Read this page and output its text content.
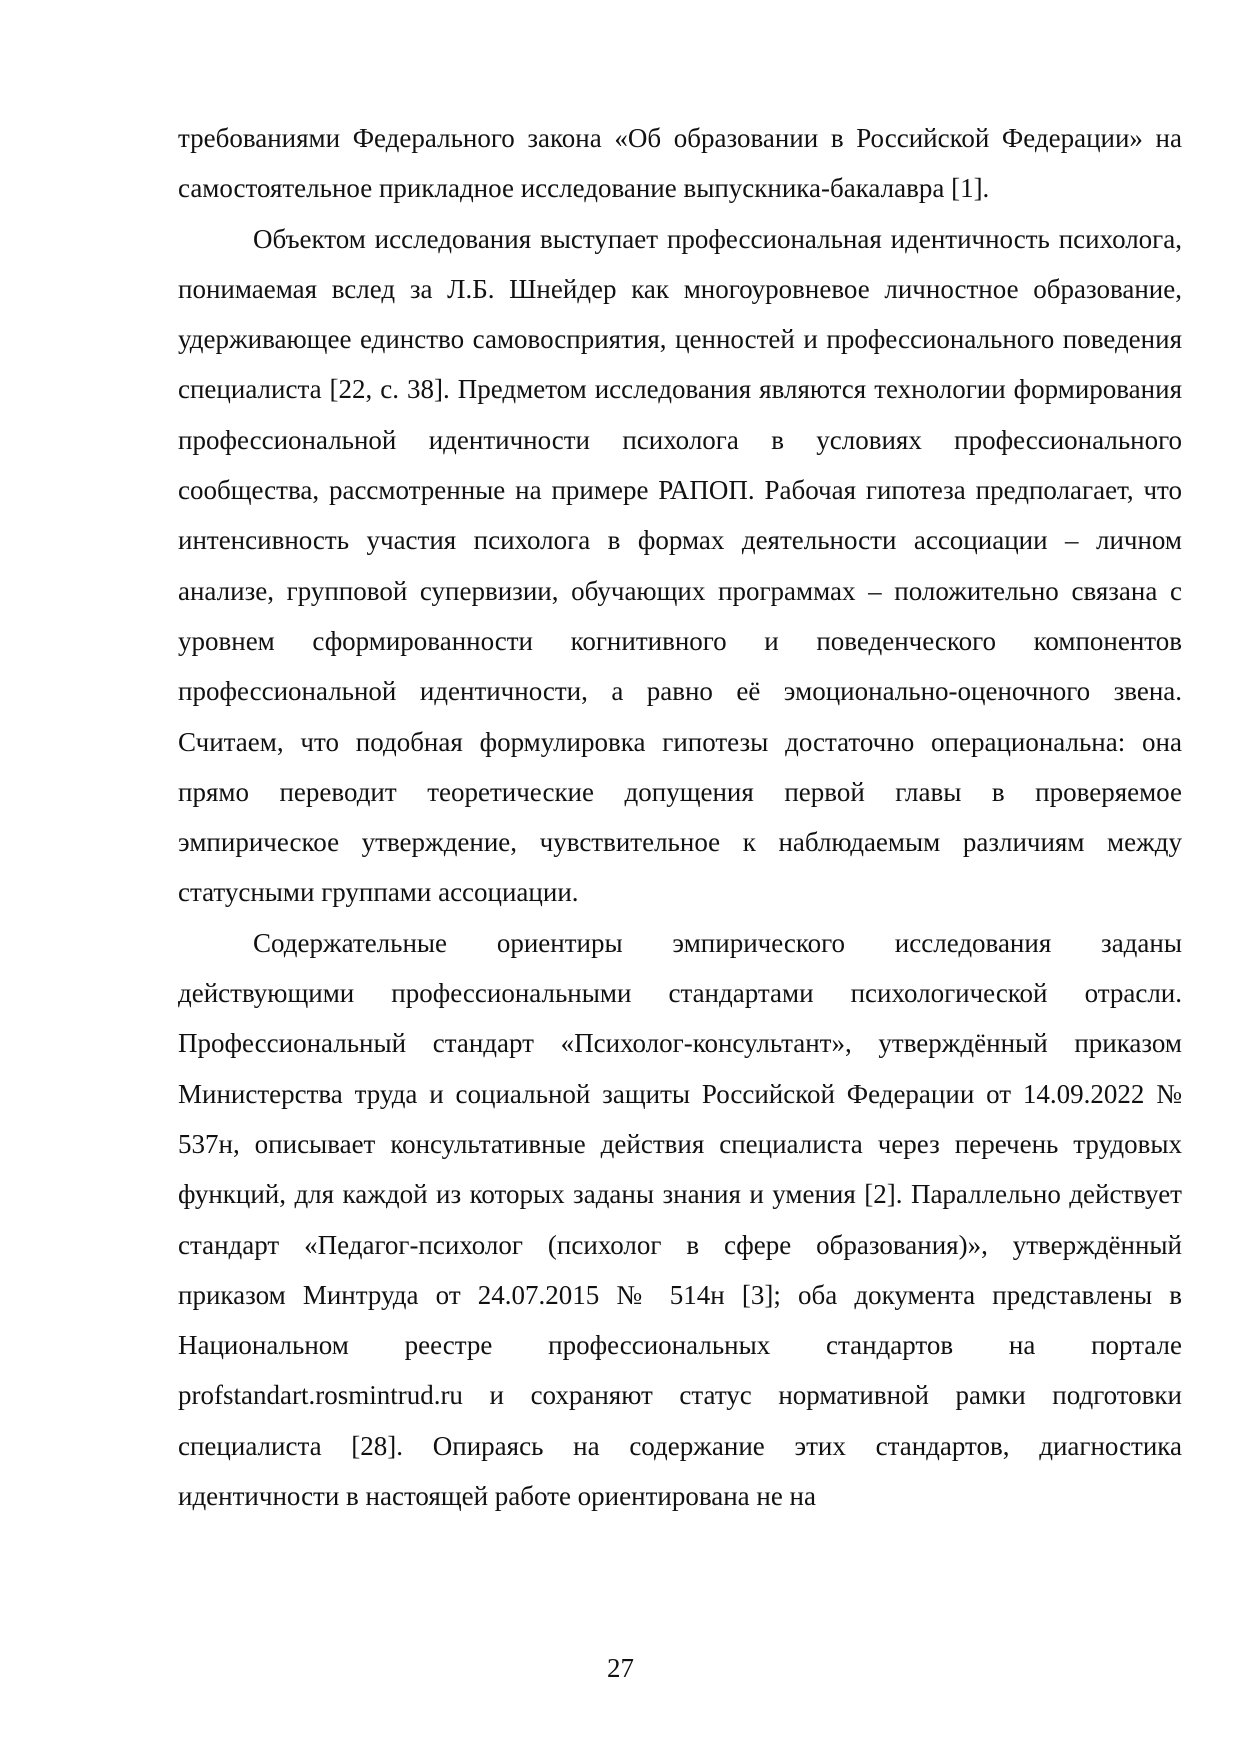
требованиями Федерального закона «Об образовании в Российской Федерации» на самостоятельное прикладное исследование выпускника-бакалавра [1].

Объектом исследования выступает профессиональная идентичность психолога, понимаемая вслед за Л.Б. Шнейдер как многоуровневое личностное образование, удерживающее единство самовосприятия, ценностей и профессионального поведения специалиста [22, с. 38]. Предметом исследования являются технологии формирования профессиональной идентичности психолога в условиях профессионального сообщества, рассмотренные на примере РАПОП. Рабочая гипотеза предполагает, что интенсивность участия психолога в формах деятельности ассоциации – личном анализе, групповой супервизии, обучающих программах – положительно связана с уровнем сформированности когнитивного и поведенческого компонентов профессиональной идентичности, а равно её эмоционально-оценочного звена. Считаем, что подобная формулировка гипотезы достаточно операциональна: она прямо переводит теоретические допущения первой главы в проверяемое эмпирическое утверждение, чувствительное к наблюдаемым различиям между статусными группами ассоциации.

Содержательные ориентиры эмпирического исследования заданы действующими профессиональными стандартами психологической отрасли. Профессиональный стандарт «Психолог-консультант», утверждённый приказом Министерства труда и социальной защиты Российской Федерации от 14.09.2022 № 537н, описывает консультативные действия специалиста через перечень трудовых функций, для каждой из которых заданы знания и умения [2]. Параллельно действует стандарт «Педагог-психолог (психолог в сфере образования)», утверждённый приказом Минтруда от 24.07.2015 № 514н [3]; оба документа представлены в Национальном реестре профессиональных стандартов на портале profstandart.rosmintrud.ru и сохраняют статус нормативной рамки подготовки специалиста [28]. Опираясь на содержание этих стандартов, диагностика идентичности в настоящей работе ориентирована не на

27
